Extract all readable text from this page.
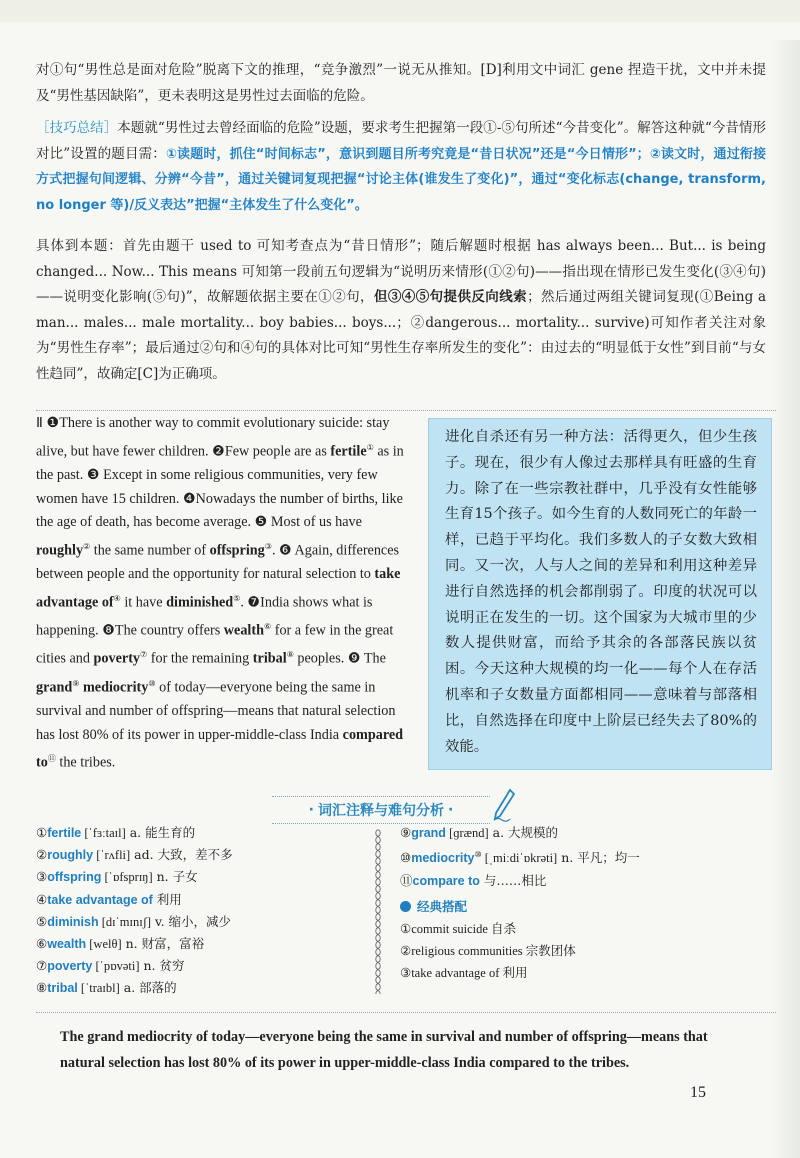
对①句“男性总是面对危险”脱离下文的推理，“竞争激烈”一说无从推知。[D]利用文中词汇 gene 捏造干扰，文中并未提及“男性基因缺陷”，更未表明这是男性过去面临的危险。
［技巧总结］本题就“男性过去曾经面临的危险”设题，要求考生把握第一段①-⑤句所述“今昔变化”。解答这种就“今昔情形对比”设置的题目需：①读题时，抓住“时间标志”，意识到题目所考究竟是“昔日状况”还是“今日情形”；②读文时，通过衔接方式把握句间逻辑、分辨“今昔”，通过关键词复现把握“讨论主体(谁发生了变化)”，通过“变化标志(change, transform, no longer 等)/反义表达”把握“主体发生了什么变化”。
具体到本题：首先由题干 used to 可知考查点为“昔日情形”；随后解题时根据 has always been... But... is being changed... Now... This means 可知第一段前五句逻辑为“说明历来情形(①②句)——指出现在情形已发生变化(③④句)——说明变化影响(⑤句)”，故解题依据主要在①②句，但③④⑤句提供反向线索；然后通过两组关键词复现(①Being a man... males... male mortality... boy babies... boys...；②dangerous... mortality... survive)可知作者关注对象为“男性生存率”；最后通过②句和④句的具体对比可知“男性生存率所发生的变化”：由过去的“明显低于女性”到目前“与女性趋同”，故确定[C]为正确项。
Ⅱ ❶There is another way to commit evolutionary suicide: stay alive, but have fewer children. ❷Few people are as fertile① as in the past. ❸ Except in some religious communities, very few women have 15 children. ❹Nowadays the number of births, like the age of death, has become average. ❺ Most of us have roughly② the same number of offspring③. ❻ Again, differences between people and the opportunity for natural selection to take advantage of④ it have diminished⑤. ❼India shows what is happening. ❽The country offers wealth⑥ for a few in the great cities and poverty⑦ for the remaining tribal⑧ peoples. ❾ The grand⑨ mediocrity⑩ of today—everyone being the same in survival and number of offspring—means that natural selection has lost 80% of its power in upper-middle-class India compared to⑪ the tribes.
进化自杀还有另一种方法：活得更久，但少生孩子。现在，很少有人像过去那样具有旺盛的生育力。除了在一些宗教社群中，几乎没有女性能够生育15个孩子。如今生育的人数同死亡的年龄一样，已趋于平均化。我们多数人的子女数大致相同。又一次，人与人之间的差异和利用这种差异进行自然选择的机会都削弱了。印度的状况可以说明正在发生的一切。这个国家为大城市里的少数人提供财富，而给予其余的各部落民族以贫困。今天这种大规模的均一化——每个人在存活机率和子女数量方面都相同——意味着与部落相比，自然选择在印度中上阶层已经失去了80%的效能。
· 词汇注释与难句分析 ·
①fertile [ˈfɜːtaɪl] a. 能生育的
②roughly [ˈrʌfli] ad. 大致，差不多
③offspring [ˈɒfsprɪŋ] n. 子女
④take advantage of 利用
⑤diminish [dɪˈmɪnɪʃ] v. 缩小，减少
⑥wealth [welθ] n. 财富，富裕
⑦poverty [ˈpɒvəti] n. 贫穷
⑧tribal [ˈtraɪbl] a. 部落的
⑨grand [ɡrænd] a. 大规模的
⑩mediocrity⑩ [ˌmiːdiˈɒkrəti] n. 平凡；均一
⑪compare to 与……相比
经典搭配
①commit suicide 自杀
②religious communities 宗教团体
③take advantage of 利用
The grand mediocrity of today—everyone being the same in survival and number of offspring—means that natural selection has lost 80% of its power in upper-middle-class India compared to the tribes.
15
